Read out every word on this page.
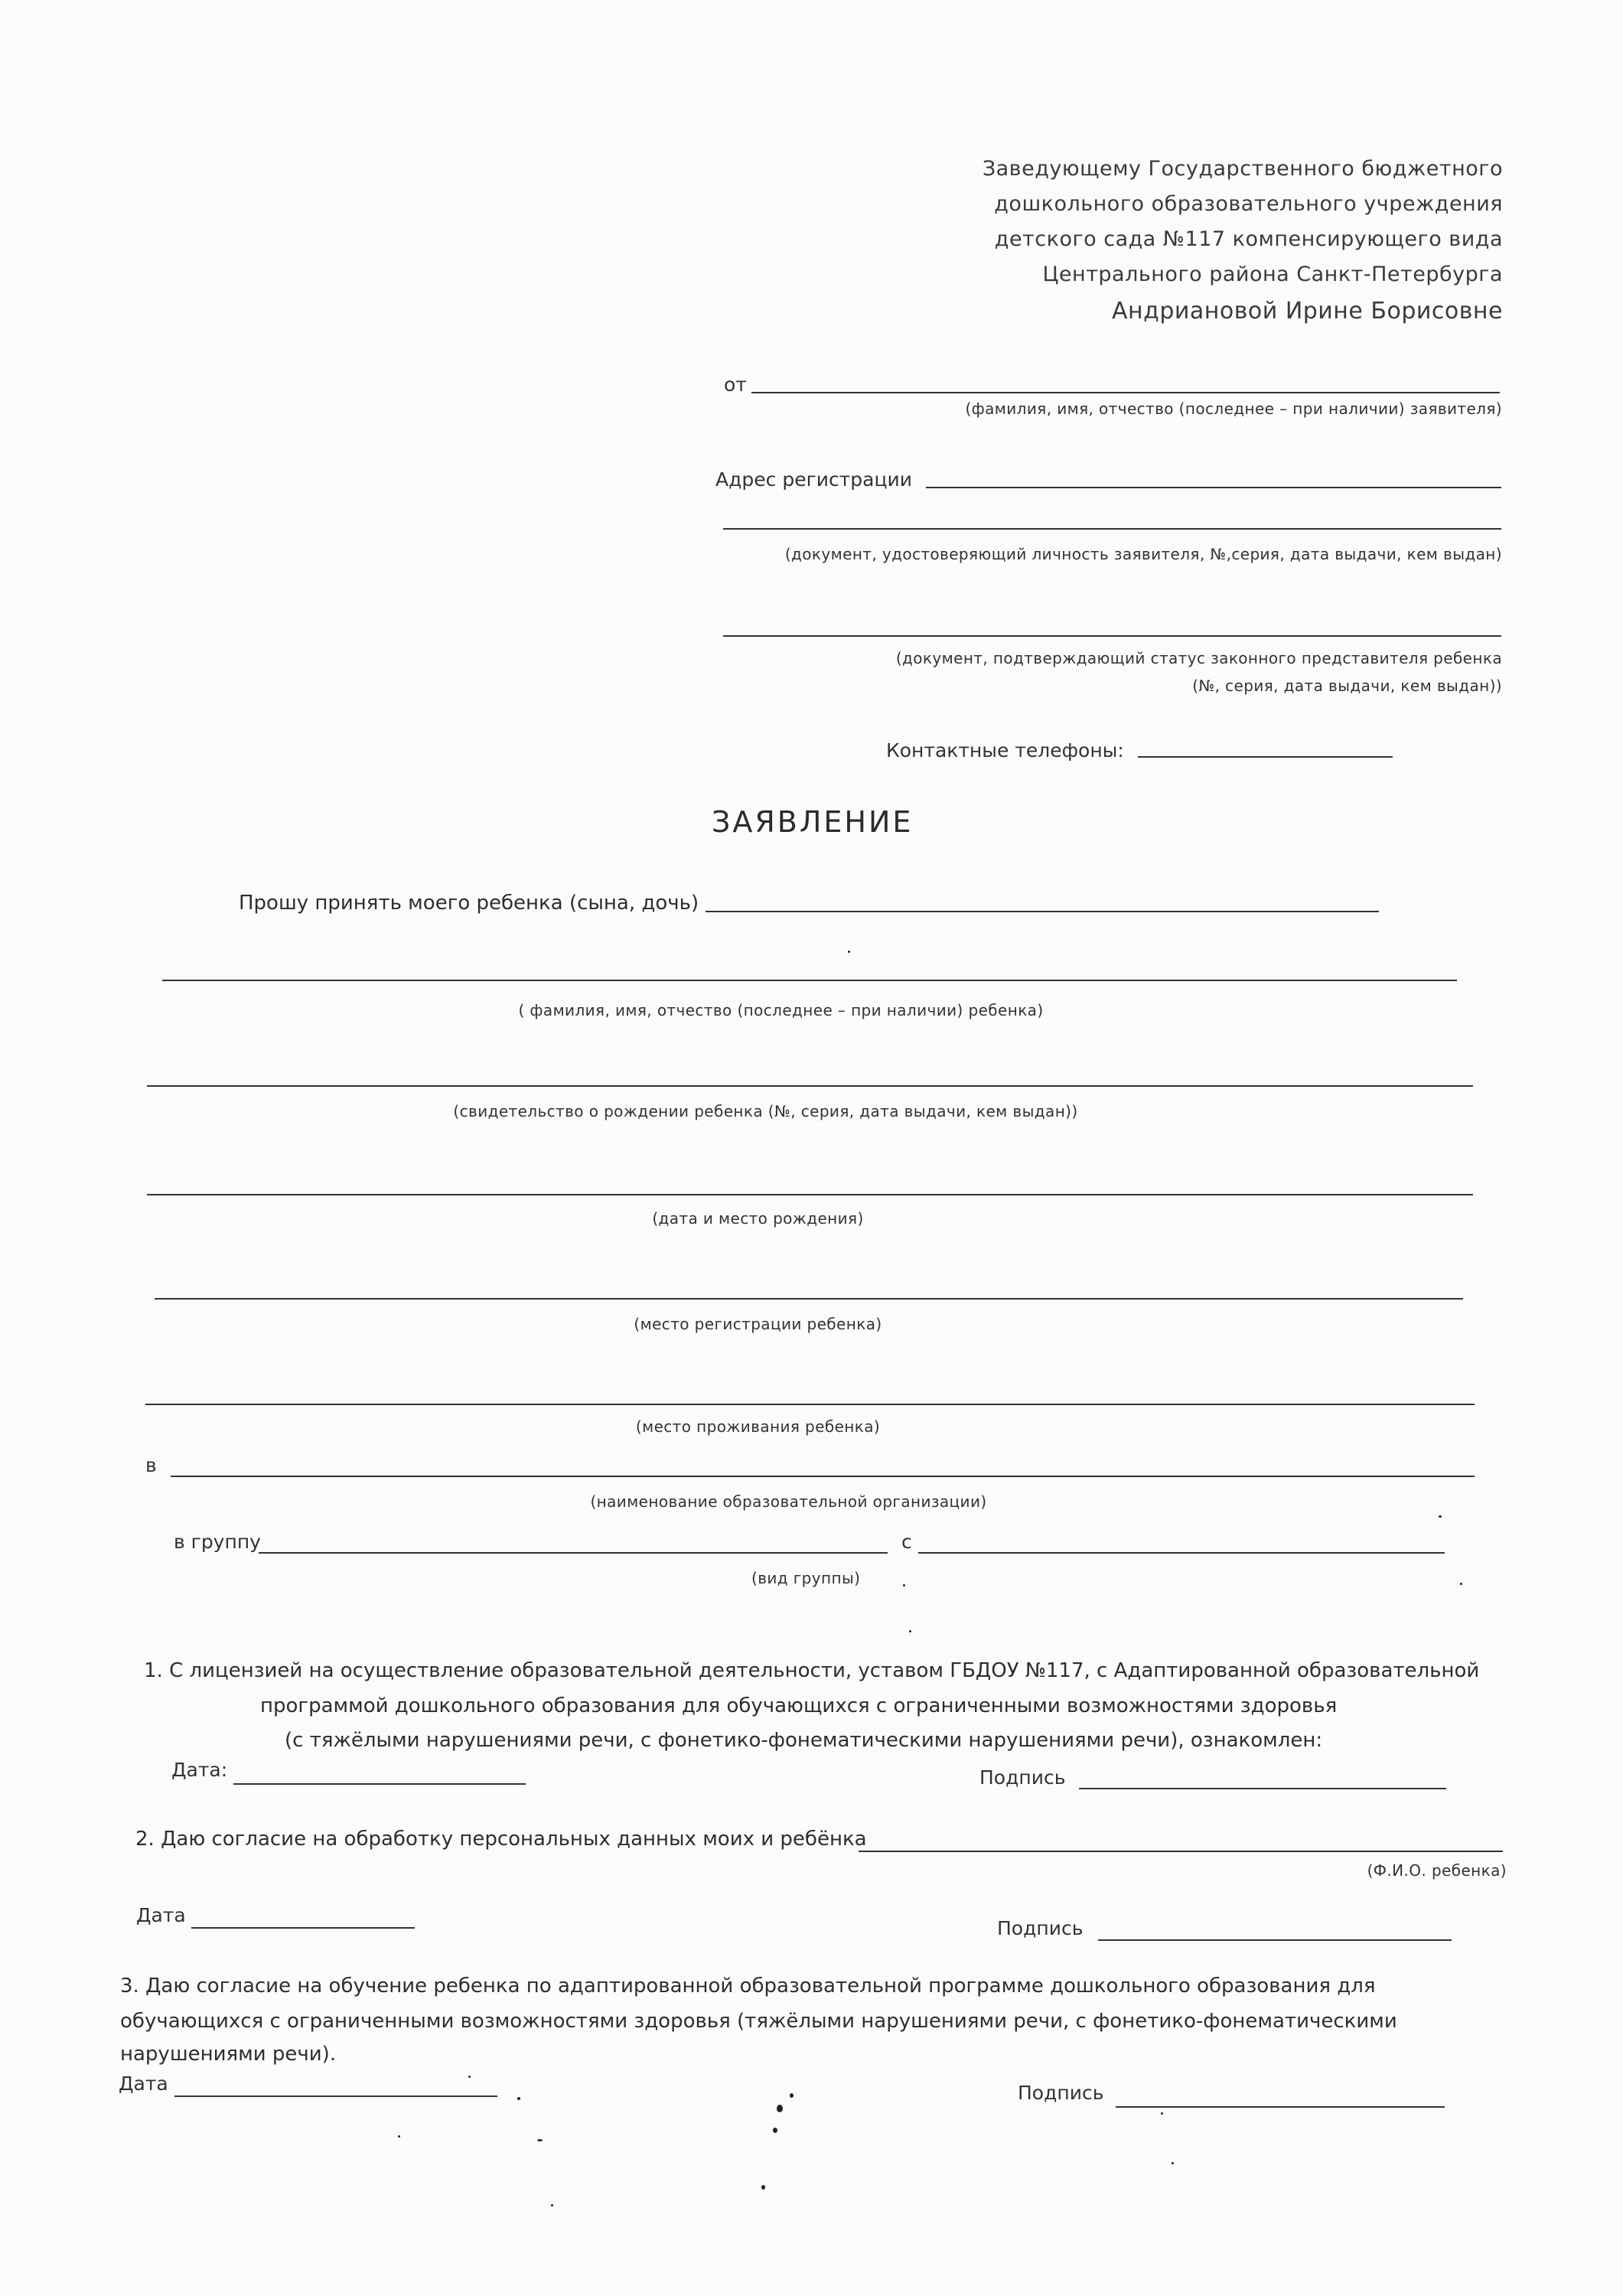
Заведующему Государственного бюджетного
дошкольного образовательного учреждения
детского сада №117 компенсирующего вида
Центрального района Санкт-Петербурга
Андриановой Ирине Борисовне
от
(фамилия, имя, отчество (последнее – при наличии) заявителя)
Адрес регистрации
(документ, удостоверяющий личность заявителя, №,серия, дата выдачи, кем выдан)
(документ, подтверждающий статус законного представителя ребенка
(№, серия, дата выдачи, кем выдан))
Контактные телефоны:
ЗАЯВЛЕНИЕ
Прошу принять моего ребенка (сына, дочь)
( фамилия, имя, отчество (последнее – при наличии) ребенка)
(свидетельство о рождении ребенка (№, серия, дата выдачи, кем выдан))
(дата и место рождения)
(место регистрации ребенка)
(место проживания ребенка)
в
(наименование образовательной организации)
в группу	с
(вид группы)
1. С лицензией на осуществление образовательной деятельности, уставом ГБДОУ №117, с Адаптированной образовательной
программой дошкольного образования для обучающихся с ограниченными возможностями здоровья
(с тяжёлыми нарушениями речи, с фонетико-фонематическими нарушениями речи), ознакомлен:
Дата:	Подпись
2. Даю согласие на обработку персональных данных моих и ребёнка
(Ф.И.О. ребенка)
Дата
Подпись
3. Даю согласие на обучение ребенка по адаптированной образовательной программе дошкольного образования для
обучающихся с ограниченными возможностями здоровья (тяжёлыми нарушениями речи, с фонетико-фонематическими
нарушениями речи).
Дата	Подпись
